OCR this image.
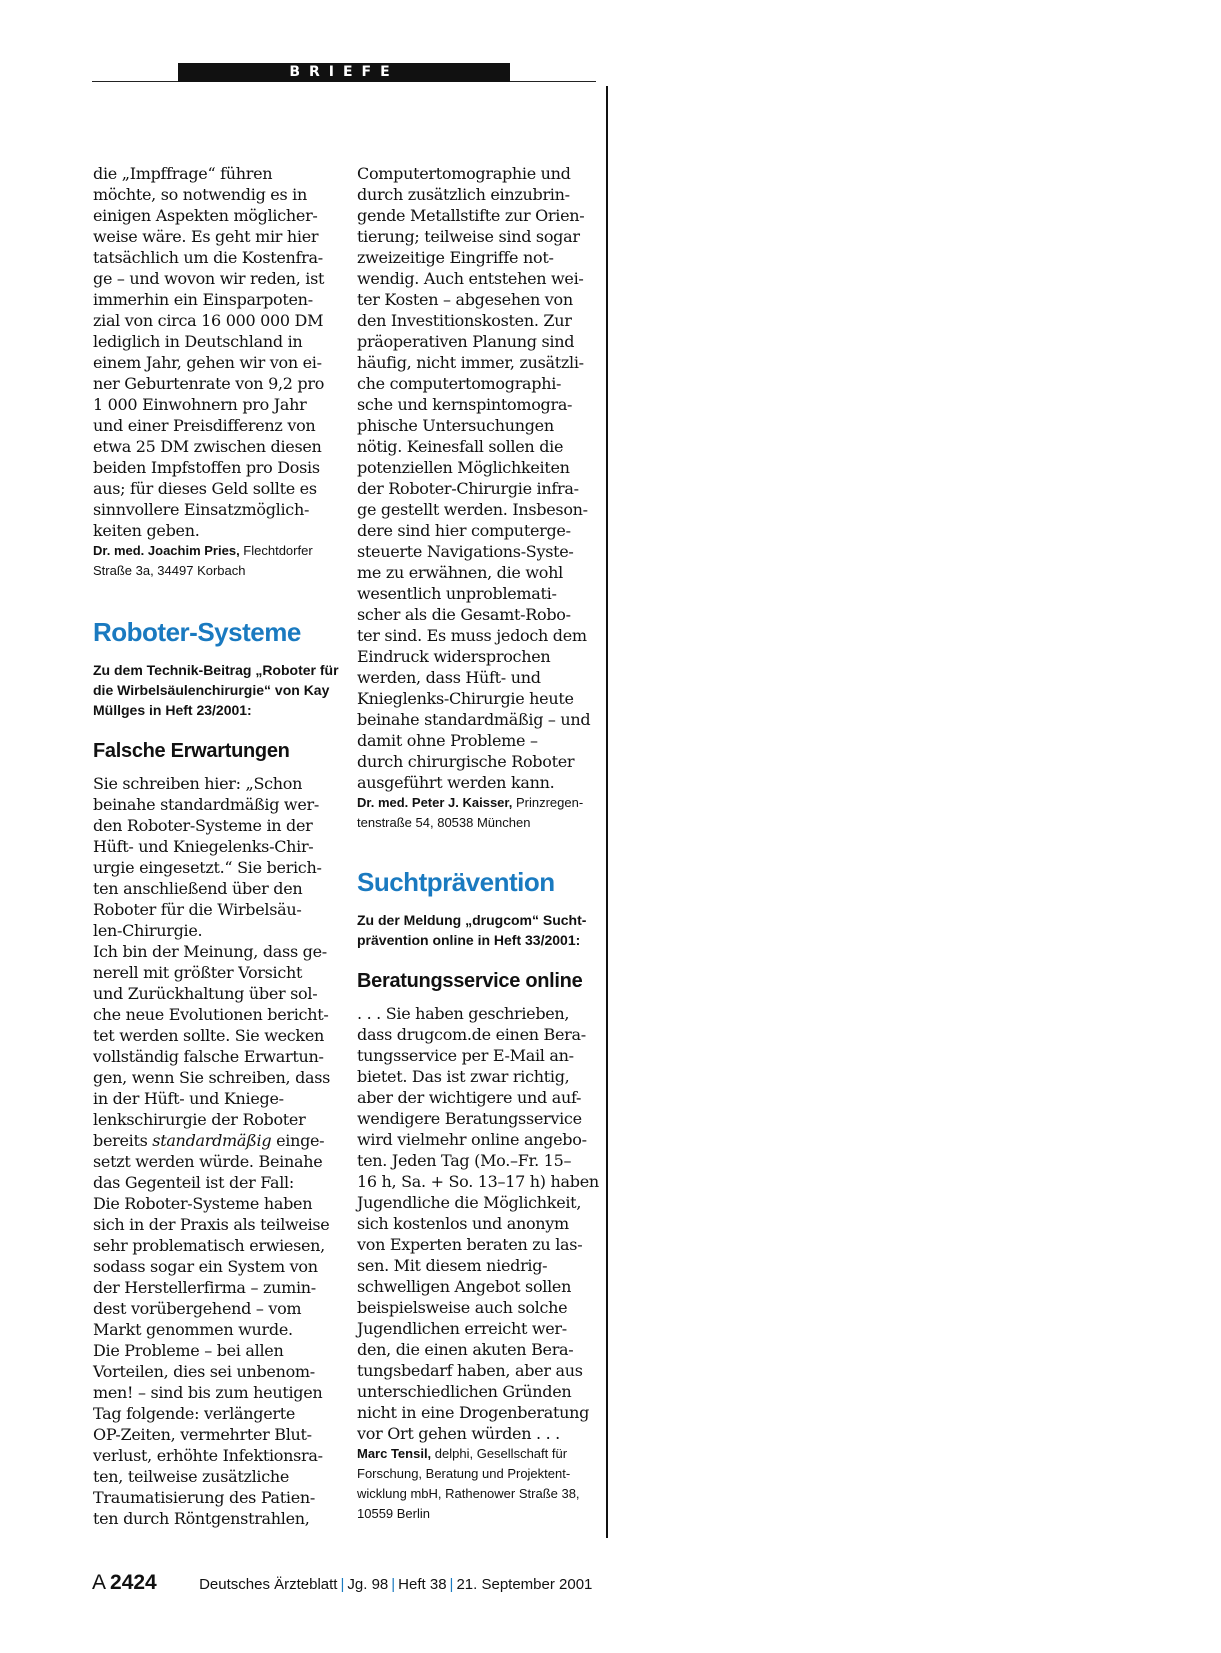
BRIEFE

die „Impffrage“ führen

möchte, so notwendig es in

einigen Aspekten möglicher-

weise wäre. Es geht mir hier

tatsächlich um die Kostenfra-

ge – und wovon wir reden, ist

immerhin ein Einsparpoten-

zial von circa 16 000 000 DM

lediglich in Deutschland in

einem Jahr, gehen wir von ei-

ner Geburtenrate von 9,2 pro

1 000 Einwohnern pro Jahr

und einer Preisdifferenz von

etwa 25 DM zwischen diesen

beiden Impfstoffen pro Dosis

aus; für dieses Geld sollte es

sinnvollere Einsatzmöglich-

keiten geben.

Dr. med. Joachim Pries, Flechtdorfer

Straße 3a, 34497 Korbach

Roboter-Systeme

Zu dem Technik-Beitrag „Roboter für

die Wirbelsäulenchirurgie“ von Kay

Müllges in Heft 23/2001:

Falsche Erwartungen

Sie schreiben hier: „Schon

beinahe standardmäßig wer-

den Roboter-Systeme in der

Hüft- und Kniegelenks-Chir-

urgie eingesetzt.“ Sie berich-

ten anschließend über den

Roboter für die Wirbelsäu-

len-Chirurgie.

Ich bin der Meinung, dass ge-

nerell mit größter Vorsicht

und Zurückhaltung über sol-

che neue Evolutionen bericht-

tet werden sollte. Sie wecken

vollständig falsche Erwartun-

gen, wenn Sie schreiben, dass

in der Hüft- und Kniege-

lenkschirurgie der Roboter

bereits standardmäßig einge-

setzt werden würde. Beinahe

das Gegenteil ist der Fall:

Die Roboter-Systeme haben

sich in der Praxis als teilweise

sehr problematisch erwiesen,

sodass sogar ein System von

der Herstellerfirma – zumin-

dest vorübergehend – vom

Markt genommen wurde.

Die Probleme – bei allen

Vorteilen, dies sei unbenom-

men! – sind bis zum heutigen

Tag folgende: verlängerte

OP-Zeiten, vermehrter Blut-

verlust, erhöhte Infektionsra-

ten, teilweise zusätzliche

Traumatisierung des Patien-

ten durch Röntgenstrahlen,

Computertomographie und

durch zusätzlich einzubrin-

gende Metallstifte zur Orien-

tierung; teilweise sind sogar

zweizeitige Eingriffe not-

wendig. Auch entstehen wei-

ter Kosten – abgesehen von

den Investitionskosten. Zur

präoperativen Planung sind

häufig, nicht immer, zusätzli-

che computertomographi-

sche und kernspintomogra-

phische Untersuchungen

nötig. Keinesfall sollen die

potenziellen Möglichkeiten

der Roboter-Chirurgie infra-

ge gestellt werden. Insbeson-

dere sind hier computerge-

steuerte Navigations-Syste-

me zu erwähnen, die wohl

wesentlich unproblemati-

scher als die Gesamt-Robo-

ter sind. Es muss jedoch dem

Eindruck widersprochen

werden, dass Hüft- und

Knieglenks-Chirurgie heute

beinahe standardmäßig – und

damit ohne Probleme –

durch chirurgische Roboter

ausgeführt werden kann.

Dr. med. Peter J. Kaisser, Prinzregen-

tenstraße 54, 80538 München

Suchtprävention

Zu der Meldung „drugcom“ Sucht-

prävention online in Heft 33/2001:

Beratungsservice online

. . . Sie haben geschrieben,

dass drugcom.de einen Bera-

tungsservice per E-Mail an-

bietet. Das ist zwar richtig,

aber der wichtigere und auf-

wendigere Beratungsservice

wird vielmehr online angebo-

ten. Jeden Tag (Mo.–Fr. 15–

16 h, Sa. + So. 13–17 h) haben

Jugendliche die Möglichkeit,

sich kostenlos und anonym

von Experten beraten zu las-

sen. Mit diesem niedrig-

schwelligen Angebot sollen

beispielsweise auch solche

Jugendlichen erreicht wer-

den, die einen akuten Bera-

tungsbedarf haben, aber aus

unterschiedlichen Gründen

nicht in eine Drogenberatung

vor Ort gehen würden . . .

Marc Tensil, delphi, Gesellschaft für

Forschung, Beratung und Projektent-

wicklung mbH, Rathenower Straße 38,

10559 Berlin

A 2424	Deutsches Ärzteblatt | Jg. 98 | Heft 38 | 21. September 2001
